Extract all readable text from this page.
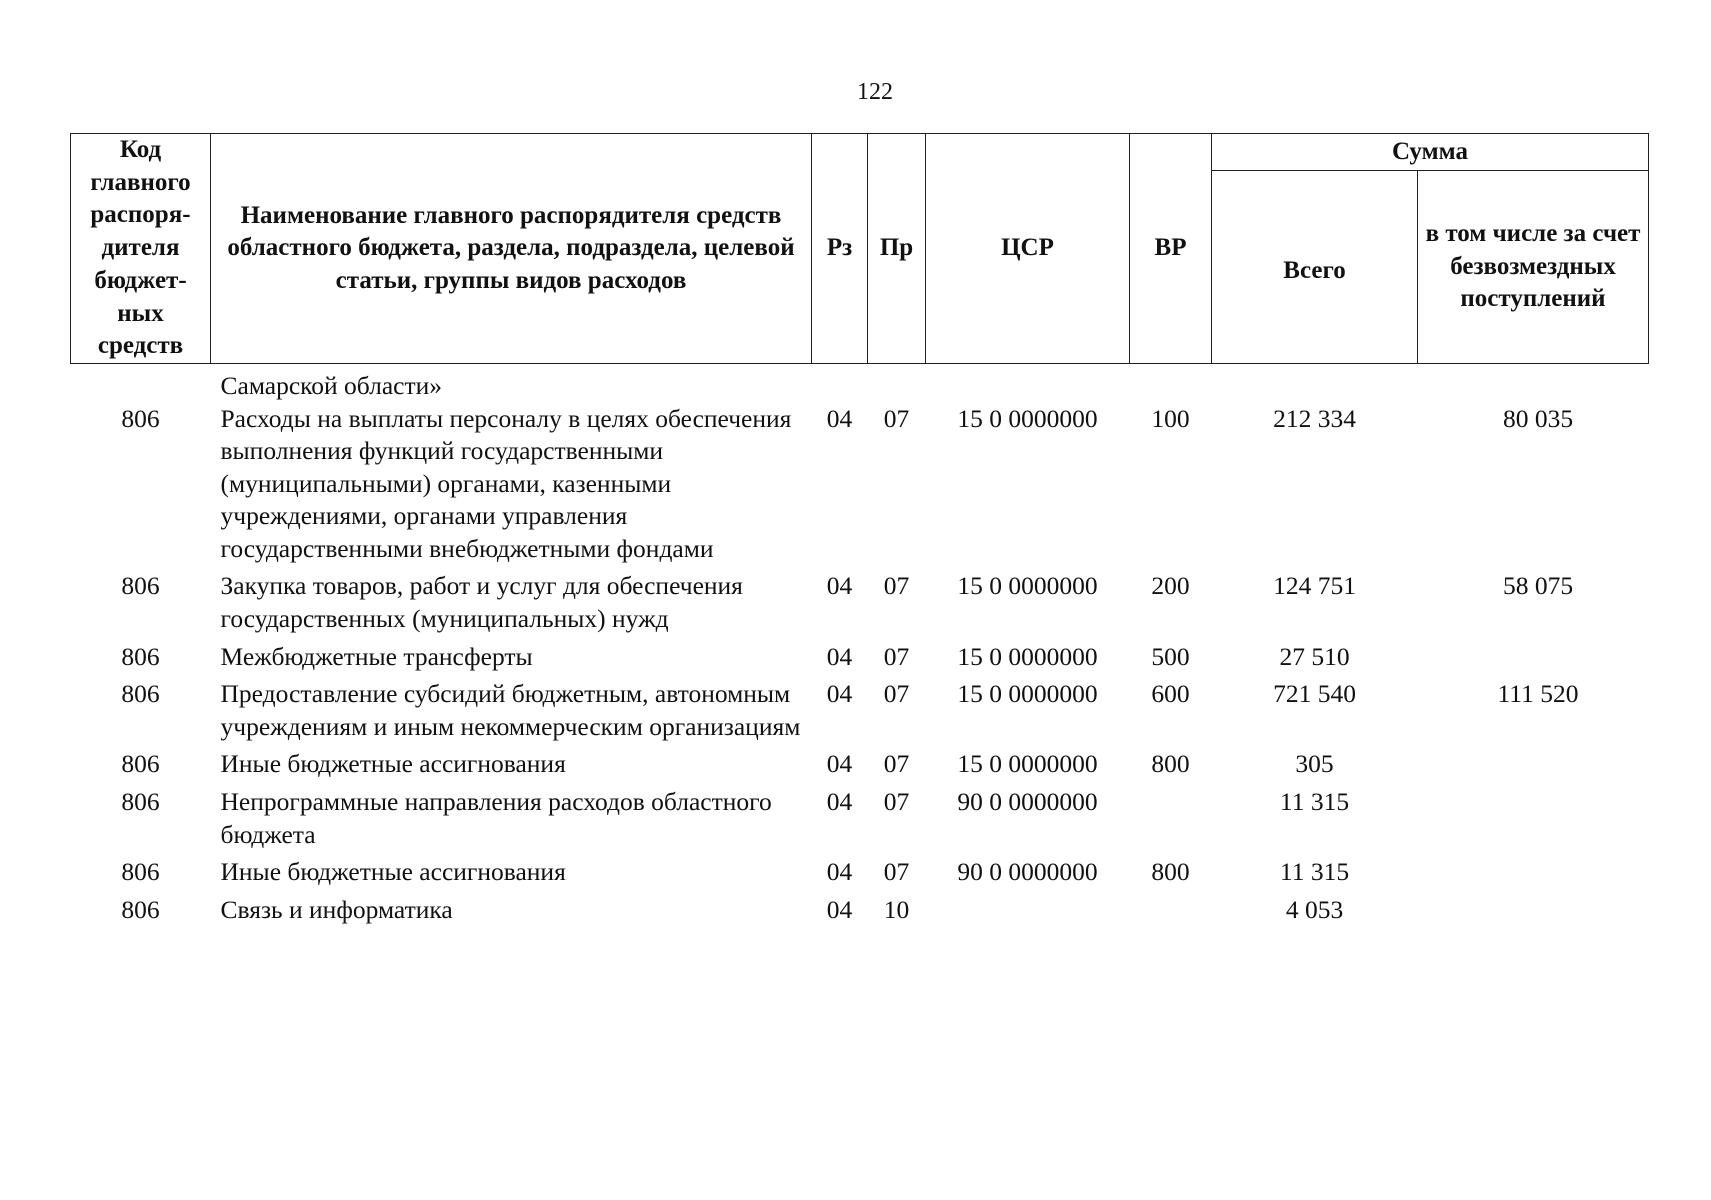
122
Код главного распоря- дителя бюджет- ных средств	Наименование главного распорядителя средств областного бюджета, раздела, подраздела, целевой статьи, группы видов расходов	Рз	Пр	ЦСР	ВР	Сумма	
						Всего	в том числе за счет безвозмездных поступлений
	Самарской области»						
806	Расходы на выплаты персоналу в целях обеспечения выполнения функций государственными (муниципальными) органами, казенными учреждениями, органами управления государственными внебюджетными фондами	04	07	15 0 0000000	100	212 334	80 035
806	Закупка товаров, работ и услуг для обеспечения государственных (муниципальных) нужд	04	07	15 0 0000000	200	124 751	58 075
806	Межбюджетные трансферты	04	07	15 0 0000000	500	27 510	
806	Предоставление субсидий бюджетным, автономным учреждениям и иным некоммерческим организациям	04	07	15 0 0000000	600	721 540	111 520
806	Иные бюджетные ассигнования	04	07	15 0 0000000	800	305	
806	Непрограммные направления расходов областного бюджета	04	07	90 0 0000000		11 315	
806	Иные бюджетные ассигнования	04	07	90 0 0000000	800	11 315	
806	Связь и информатика	04	10			4 053	
